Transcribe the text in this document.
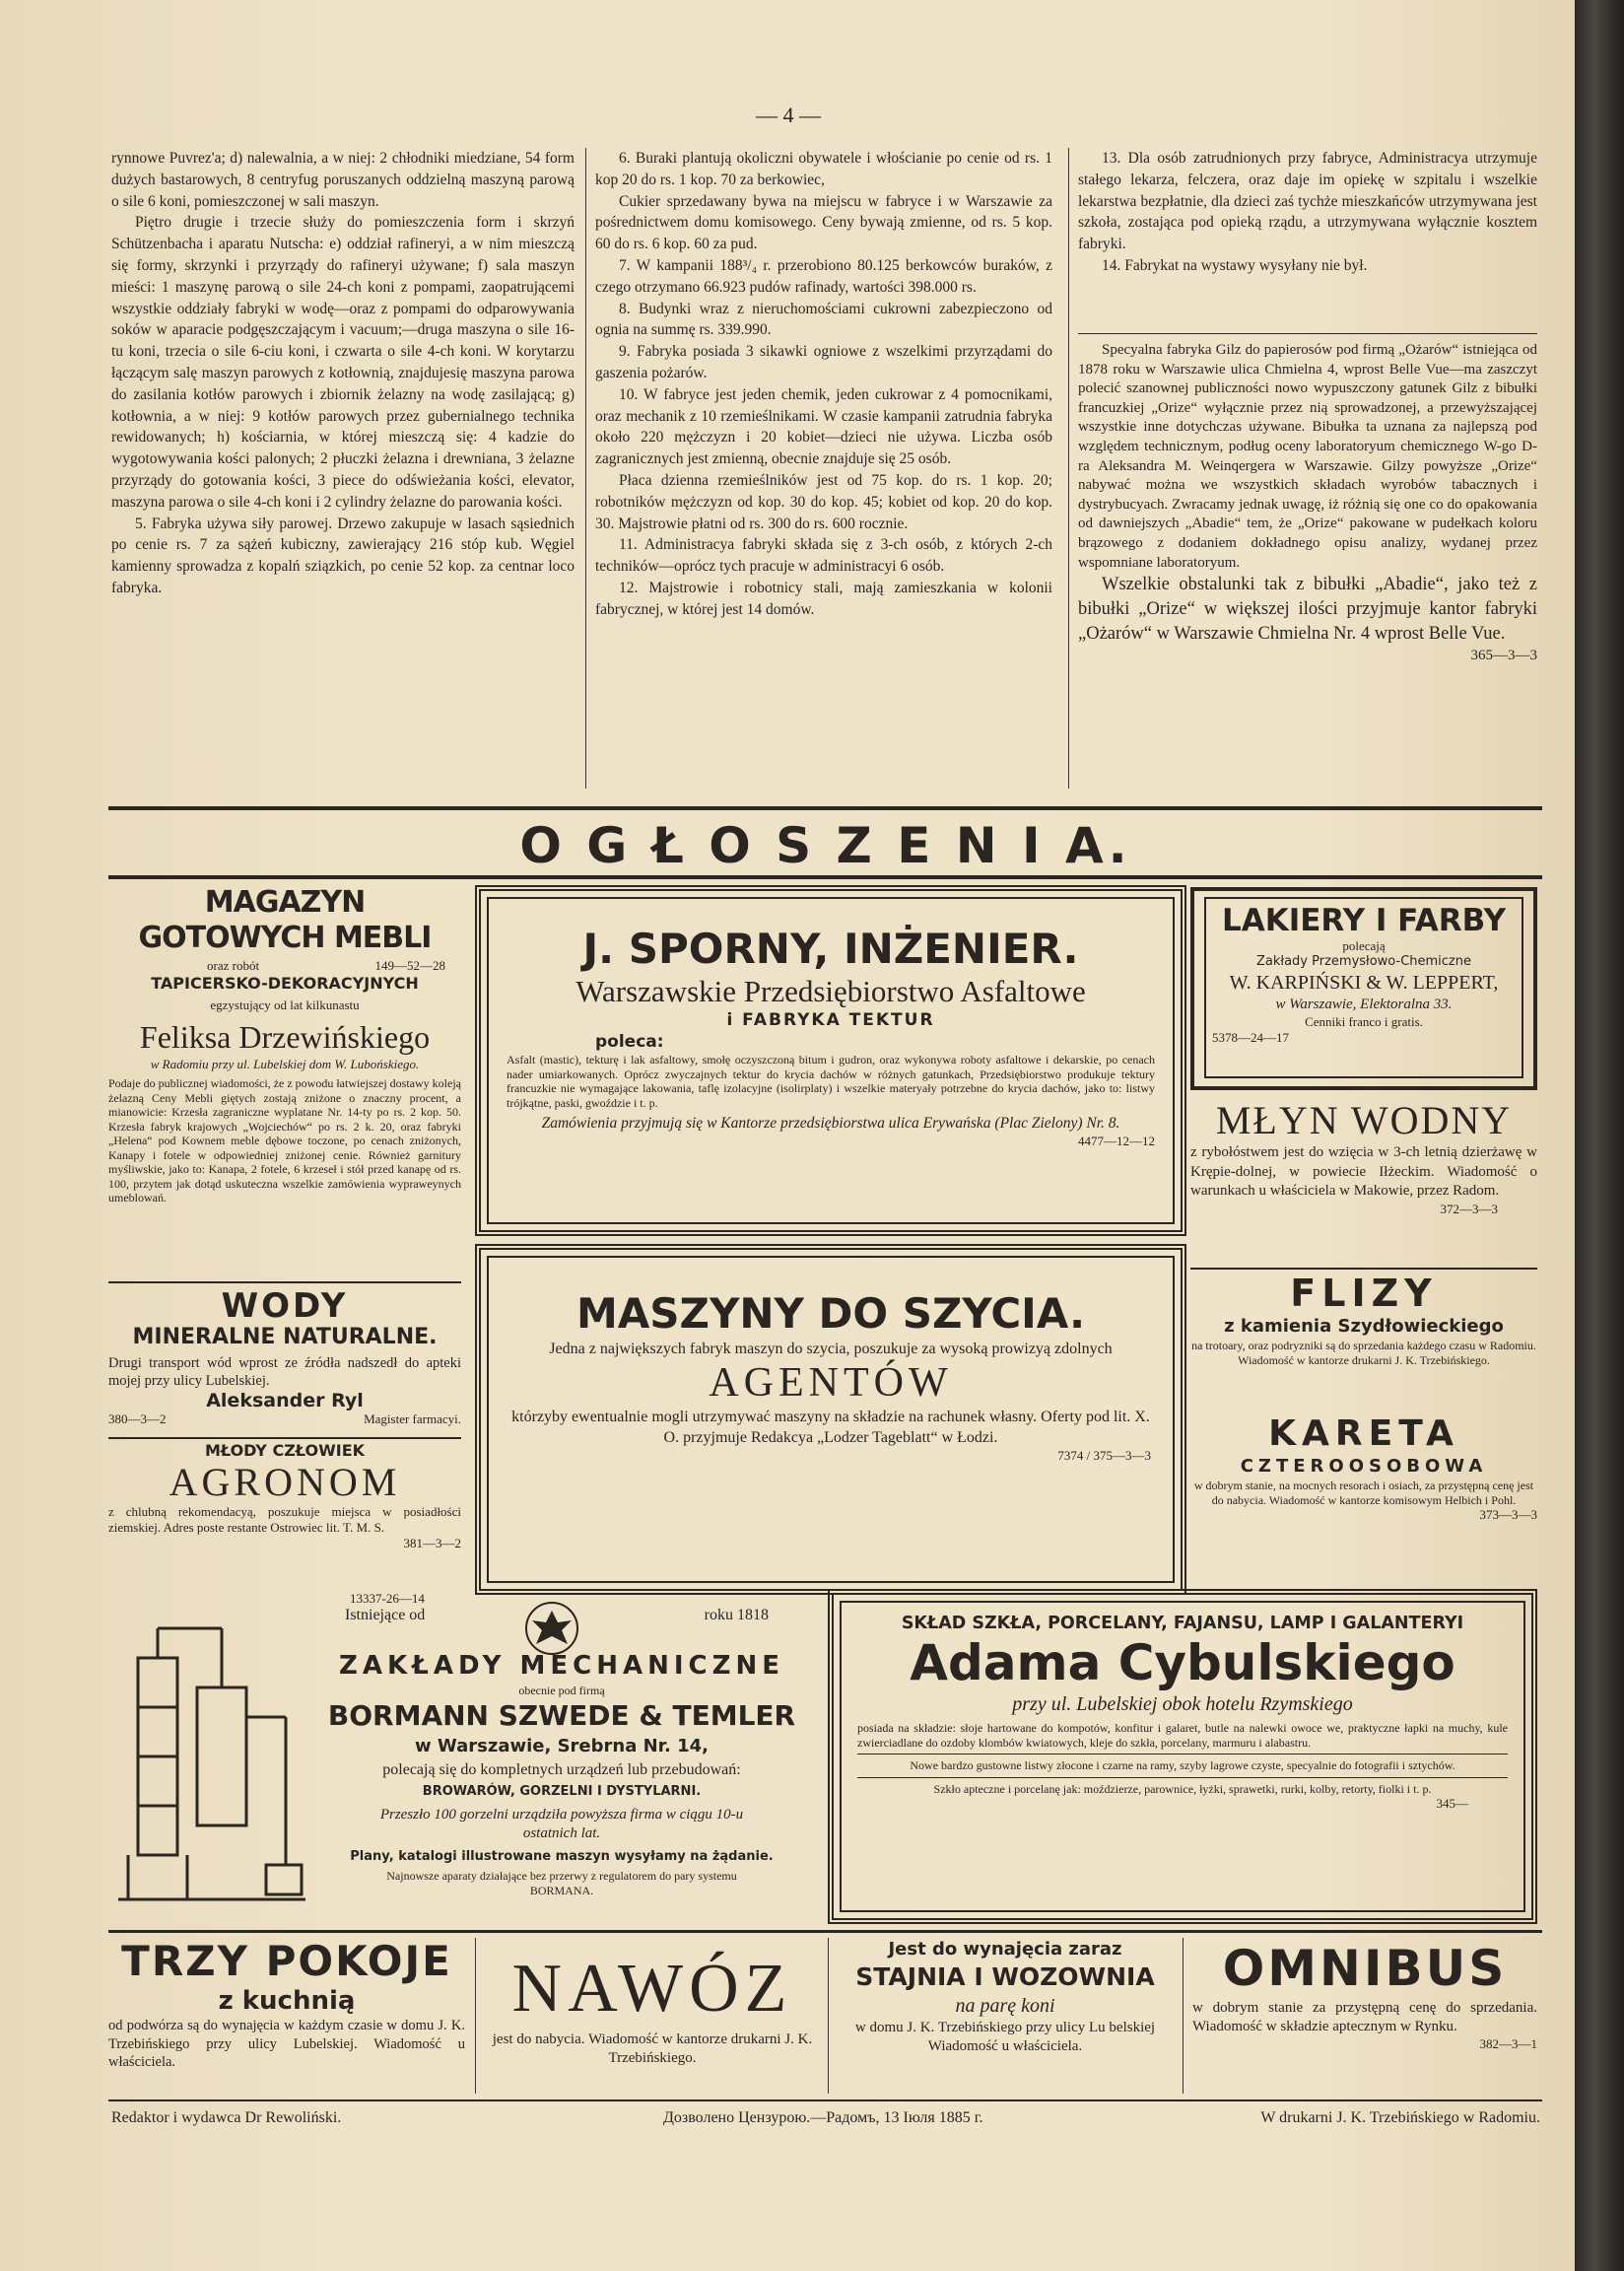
— 4 —

rynnowe Puvrez'a; d) nalewalnia, a w niej: 2 chłodniki miedziane, 54 form dużych bastarowych, 8 centryfug poruszanych oddzielną maszyną parową o sile 6 koni, pomieszczonej w sali maszyn.

Piętro drugie i trzecie służy do pomieszczenia form i skrzyń Schützenbacha i aparatu Nutscha: e) oddział rafineryi, a w nim mieszczą się formy, skrzynki i przyrządy do rafineryi używane; f) sala maszyn mieści: 1 maszynę parową o sile 24-ch koni z pompami, zaopatrującemi wszystkie oddziały fabryki w wodę—oraz z pompami do odparowywania soków w aparacie podgęszczającym i vacuum;—druga maszyna o sile 16-tu koni, trzecia o sile 6-ciu koni, i czwarta o sile 4-ch koni. W korytarzu łączącym salę maszyn parowych z kotłownią, znajdujesię maszyna parowa do zasilania kotłów parowych i zbiornik żelazny na wodę zasilającą; g) kotłownia, a w niej: 9 kotłów parowych przez gubernialnego technika rewidowanych; h) kościarnia, w której mieszczą się: 4 kadzie do wygotowywania kości palonych; 2 płuczki żelazna i drewniana, 3 żelazne przyrządy do gotowania kości, 3 piece do odświeżania kości, elevator, maszyna parowa o sile 4-ch koni i 2 cylindry żelazne do parowania kości.

5. Fabryka używa siły parowej. Drzewo zakupuje w lasach sąsiednich po cenie rs. 7 za sążeń kubiczny, zawierający 216 stóp kub. Węgiel kamienny sprowadza z kopalń sziązkich, po cenie 52 kop. za centnar loco fabryka.

6. Buraki plantują okoliczni obywatele i włościanie po cenie od rs. 1 kop 20 do rs. 1 kop. 70 za berkowiec,

Cukier sprzedawany bywa na miejscu w fabryce i w Warszawie za pośrednictwem domu komisowego. Ceny bywają zmienne, od rs. 5 kop. 60 do rs. 6 kop. 60 za pud.

7. W kampanii 188³/₄ r. przerobiono 80.125 berkowców buraków, z czego otrzymano 66.923 pudów rafinady, wartości 398.000 rs.

8. Budynki wraz z nieruchomościami cukrowni zabezpieczono od ognia na summę rs. 339.990.

9. Fabryka posiada 3 sikawki ogniowe z wszelkimi przyrządami do gaszenia pożarów.

10. W fabryce jest jeden chemik, jeden cukrowar z 4 pomocnikami, oraz mechanik z 10 rzemieślnikami. W czasie kampanii zatrudnia fabryka około 220 mężczyzn i 20 kobiet—dzieci nie używa. Liczba osób zagranicznych jest zmienną, obecnie znajduje się 25 osób.

Płaca dzienna rzemieślników jest od 75 kop. do rs. 1 kop. 20; robotników mężczyzn od kop. 30 do kop. 45; kobiet od kop. 20 do kop. 30. Majstrowie płatni od rs. 300 do rs. 600 rocznie.

11. Administracya fabryki składa się z 3-ch osób, z których 2-ch techników—oprócz tych pracuje w administracyi 6 osób.

12. Majstrowie i robotnicy stali, mają zamieszkania w kolonii fabrycznej, w której jest 14 domów.

13. Dla osób zatrudnionych przy fabryce, Administracya utrzymuje stałego lekarza, felczera, oraz daje im opiekę w szpitalu i wszelkie lekarstwa bezpłatnie, dla dzieci zaś tychże mieszkańców utrzymywana jest szkoła, zostająca pod opieką rządu, a utrzymywana wyłącznie kosztem fabryki.

14. Fabrykat na wystawy wysyłany nie był.

Specyalna fabryka Gilz do papierosów pod firmą „Ożarów“ istniejąca od 1878 roku w Warszawie ulica Chmielna 4, wprost Belle Vue—ma zaszczyt polecić szanownej publiczności nowo wypuszczony gatunek Gilz z bibułki francuzkiej „Orize“ wyłącznie przez nią sprowadzonej, a przewyższającej wszystkie inne dotychczas używane. Bibułka ta uznana za najlepszą pod względem technicznym, podług oceny laboratoryum chemicznego W-go D-ra Aleksandra M. Weinqergera w Warszawie. Gilzy powyższe „Orize“ nabywać można we wszystkich składach wyrobów tabacznych i dystrybucyach. Zwracamy jednak uwagę, iż różnią się one co do opakowania od dawniejszych „Abadie“ tem, że „Orize“ pakowane w pudełkach koloru brązowego z dodaniem dokładnego opisu analizy, wydanej przez wspomniane laboratoryum.

Wszelkie obstalunki tak z bibułki „Abadie“, jako też z bibułki „Orize“ w większej ilości przyjmuje kantor fabryki „Ożarów“ w Warszawie Chmielna Nr. 4 wprost Belle Vue.

365—3—3
O G Ł O S Z E N I A.
MAGAZYN GOTOWYCH MEBLI
oraz robót	149—52—28
TAPICERSKO-DEKORACYJNYCH
egzystujący od lat kilkunastu
Feliksa Drzewińskiego
w Radomiu przy ul. Lubelskiej dom W. Lubońskiego.
Podaje do publicznej wiadomości, że z powodu łatwiejszej dostawy koleją żelazną Ceny Mebli giętych zostają zniżone o znaczny procent, a mianowicie: Krzesła zagraniczne wyplatane Nr. 14-ty po rs. 2 kop. 50. Krzesła fabryk krajowych „Wojciechów“ po rs. 2 k. 20, oraz fabryki „Helena“ pod Kownem meble dębowe toczone, po cenach zniżonych, Kanapy i fotele w odpowiedniej zniżonej cenie. Również garnitury myśliwskie, jako to: Kanapa, 2 fotele, 6 krzeseł i stół przed kanapę od rs. 100, przytem jak dotąd uskuteczna wszelkie zamówienia wypraweynych umeblowań.
WODY
MINERALNE NATURALNE.
Drugi transport wód wprost ze źródła nadszedł do apteki mojej przy ulicy Lubelskiej.
Aleksander Ryl
380—3—2	Magister farmacyi.
MŁODY CZŁOWIEK
AGRONOM
z chlubną rekomendacyą, poszukuje miejsca w posiadłości ziemskiej. Adres poste restante Ostrowiec lit. T. M. S.
381—3—2
J. SPORNY, INŻENIER.
Warszawskie Przedsiębiorstwo Asfaltowe
i FABRYKA TEKTUR
poleca:
Asfalt (mastic), tekturę i lak asfaltowy, smołę oczyszczoną bitum i gudron, oraz wykonywa roboty asfaltowe i dekarskie, po cenach nader umiarkowanych. Oprócz zwyczajnych tektur do krycia dachów w różnych gatunkach, Przedsiębiorstwo produkuje tektury francuzkie nie wymagające lakowania, taflę izolacyjne (isolirplaty) i wszelkie materyały potrzebne do krycia dachów, jako to: listwy trójkątne, paski, gwoździe i t. p.
Zamówienia przyjmują się w Kantorze przedsiębiorstwa ulica Erywańska (Plac Zielony) Nr. 8.
4477—12—12
MASZYNY DO SZYCIA.
Jedna z największych fabryk maszyn do szycia, poszukuje za wysoką prowizyą zdolnych
AGENTÓW
którzyby ewentualnie mogli utrzymywać maszyny na składzie na rachunek własny. Oferty pod lit. X. O. przyjmuje Redakcya „Lodzer Tageblatt“ w Łodzi.
7374 / 375—3—3
LAKIERY I FARBY
polecają
Zakłady Przemysłowo-Chemiczne
W. KARPIŃSKI & W. LEPPERT,
w Warszawie, Elektoralna 33.
Cenniki franco i gratis.
5378—24—17
MŁYN WODNY
z rybołóstwem jest do wzięcia w 3-ch letnią dzierżawę w Krępie-dolnej, w powiecie Iłżeckim. Wiadomość o warunkach u właściciela w Makowie, przez Radom.
372—3—3
FLIZY
z kamienia Szydłowieckiego
na trotoary, oraz podryzniki są do sprzedania każdego czasu w Radomiu. Wiadomość w kantorze drukarni J. K. Trzebińskiego.
KARETA
CZTEROOSOBOWA
w dobrym stanie, na mocnych resorach i osiach, za przystępną cenę jest do nabycia. Wiadomość w kantorze komisowym Helbich i Pohl.
373—3—3
13337-26—14
Istniejące od	roku 1818
ZAKŁADY MECHANICZNE
obecnie pod firmą
BORMANN SZWEDE & TEMLER
w Warszawie, Srebrna Nr. 14,
polecają się do kompletnych urządzeń lub przebudowań:
BROWARÓW, GORZELNI I DYSTYLARNI.
Przeszło 100 gorzelni urządziła powyższa firma w ciągu 10-u ostatnich lat.
Plany, katalogi illustrowane maszyn wysyłamy na żądanie.
Najnowsze aparaty działające bez przerwy z regulatorem do pary systemu BORMANA.
SKŁAD SZKŁA, PORCELANY, FAJANSU, LAMP I GALANTERYI
Adama Cybulskiego
przy ul. Lubelskiej obok hotelu Rzymskiego
posiada na składzie: słoje hartowane do kompotów, konfitur i galaret, butle na nalewki owoce we, praktyczne łapki na muchy, kule zwierciadlane do ozdoby klombów kwiatowych, kleje do szkła, porcelany, marmuru i alabastru.
Nowe bardzo gustowne listwy złocone i czarne na ramy, szyby lagrowe czyste, specyalnie do fotografii i sztychów.
Szkło apteczne i porcelanę jak: moździerze, parownice, łyżki, sprawetki, rurki, kolby, retorty, fiolki i t. p.
345—
TRZY POKOJE
z kuchnią
od podwórza są do wynajęcia w każdym czasie w domu J. K. Trzebińskiego przy ulicy Lubelskiej. Wiadomość u właściciela.
NAWÓZ
jest do nabycia. Wiadomość w kantorze drukarni J. K. Trzebińskiego.
Jest do wynajęcia zaraz
STAJNIA I WOZOWNIA
na parę koni
w domu J. K. Trzebińskiego przy ulicy Lu belskiej Wiadomość u właściciela.
OMNIBUS
w dobrym stanie za przystępną cenę do sprzedania. Wiadomość w składzie aptecznym w Rynku.
382—3—1
Redaktor i wydawca Dr Rewoliński.	Дозволено Цензурою.—Радомъ, 13 Іюля 1885 г.	W drukarni J. K. Trzebińskiego w Radomiu.
